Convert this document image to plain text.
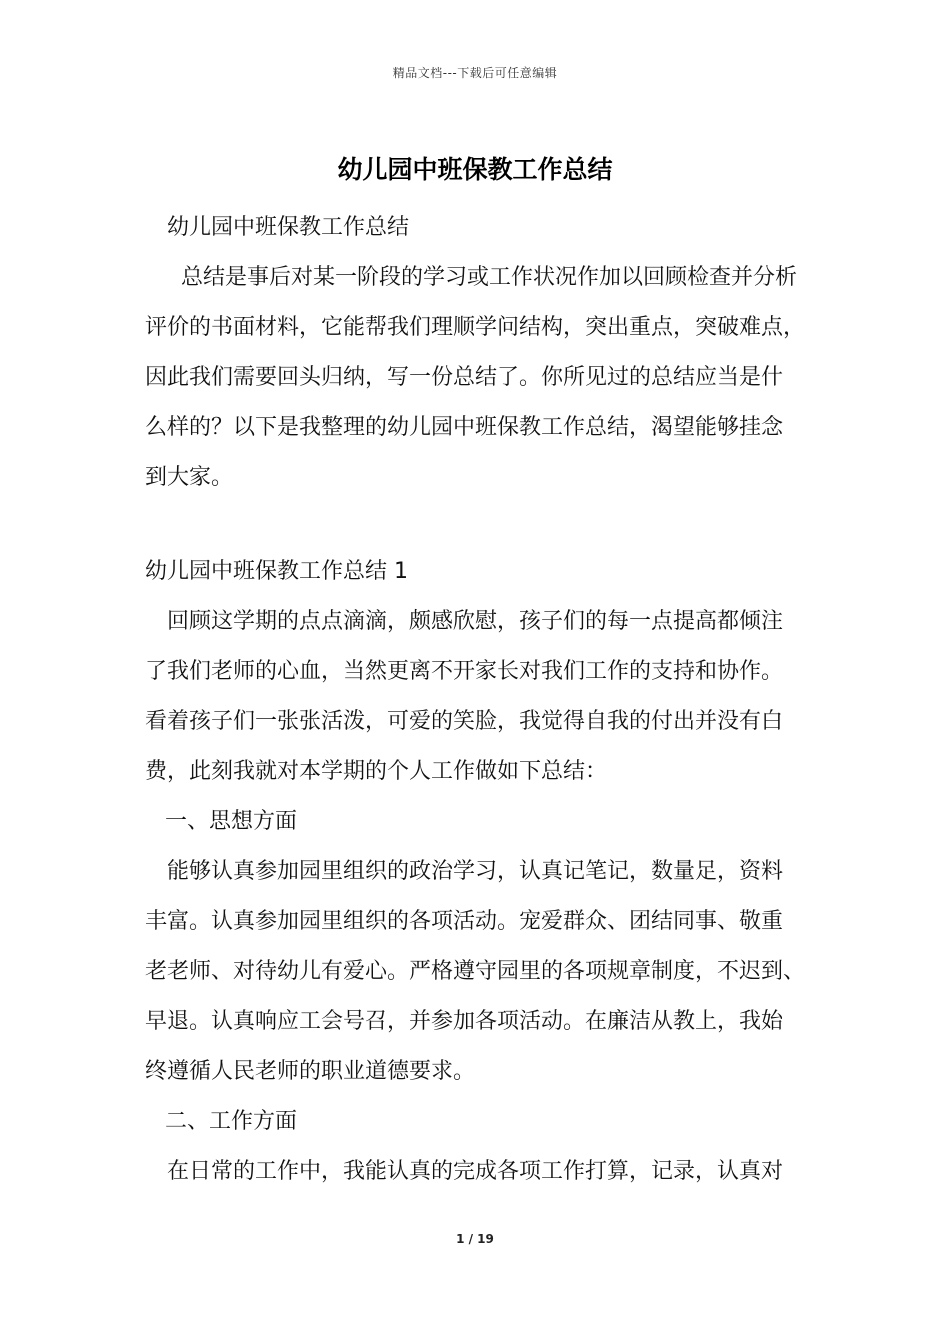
精品文档---下载后可任意编辑
幼儿园中班保教工作总结
幼儿园中班保教工作总结
总结是事后对某一阶段的学习或工作状况作加以回顾检查并分析
评价的书面材料，它能帮我们理顺学问结构，突出重点，突破难点，
因此我们需要回头归纳，写一份总结了。你所见过的总结应当是什
么样的？以下是我整理的幼儿园中班保教工作总结，渴望能够挂念
到大家。
幼儿园中班保教工作总结 1
回顾这学期的点点滴滴，颇感欣慰，孩子们的每一点提高都倾注
了我们老师的心血，当然更离不开家长对我们工作的支持和协作。
看着孩子们一张张活泼，可爱的笑脸，我觉得自我的付出并没有白
费，此刻我就对本学期的个人工作做如下总结：
一、思想方面
能够认真参加园里组织的政治学习，认真记笔记，数量足，资料
丰富。认真参加园里组织的各项活动。宠爱群众、团结同事、敬重
老老师、对待幼儿有爱心。严格遵守园里的各项规章制度，不迟到、
早退。认真响应工会号召，并参加各项活动。在廉洁从教上，我始
终遵循人民老师的职业道德要求。
二、工作方面
在日常的工作中，我能认真的完成各项工作打算，记录，认真对
1 / 19
